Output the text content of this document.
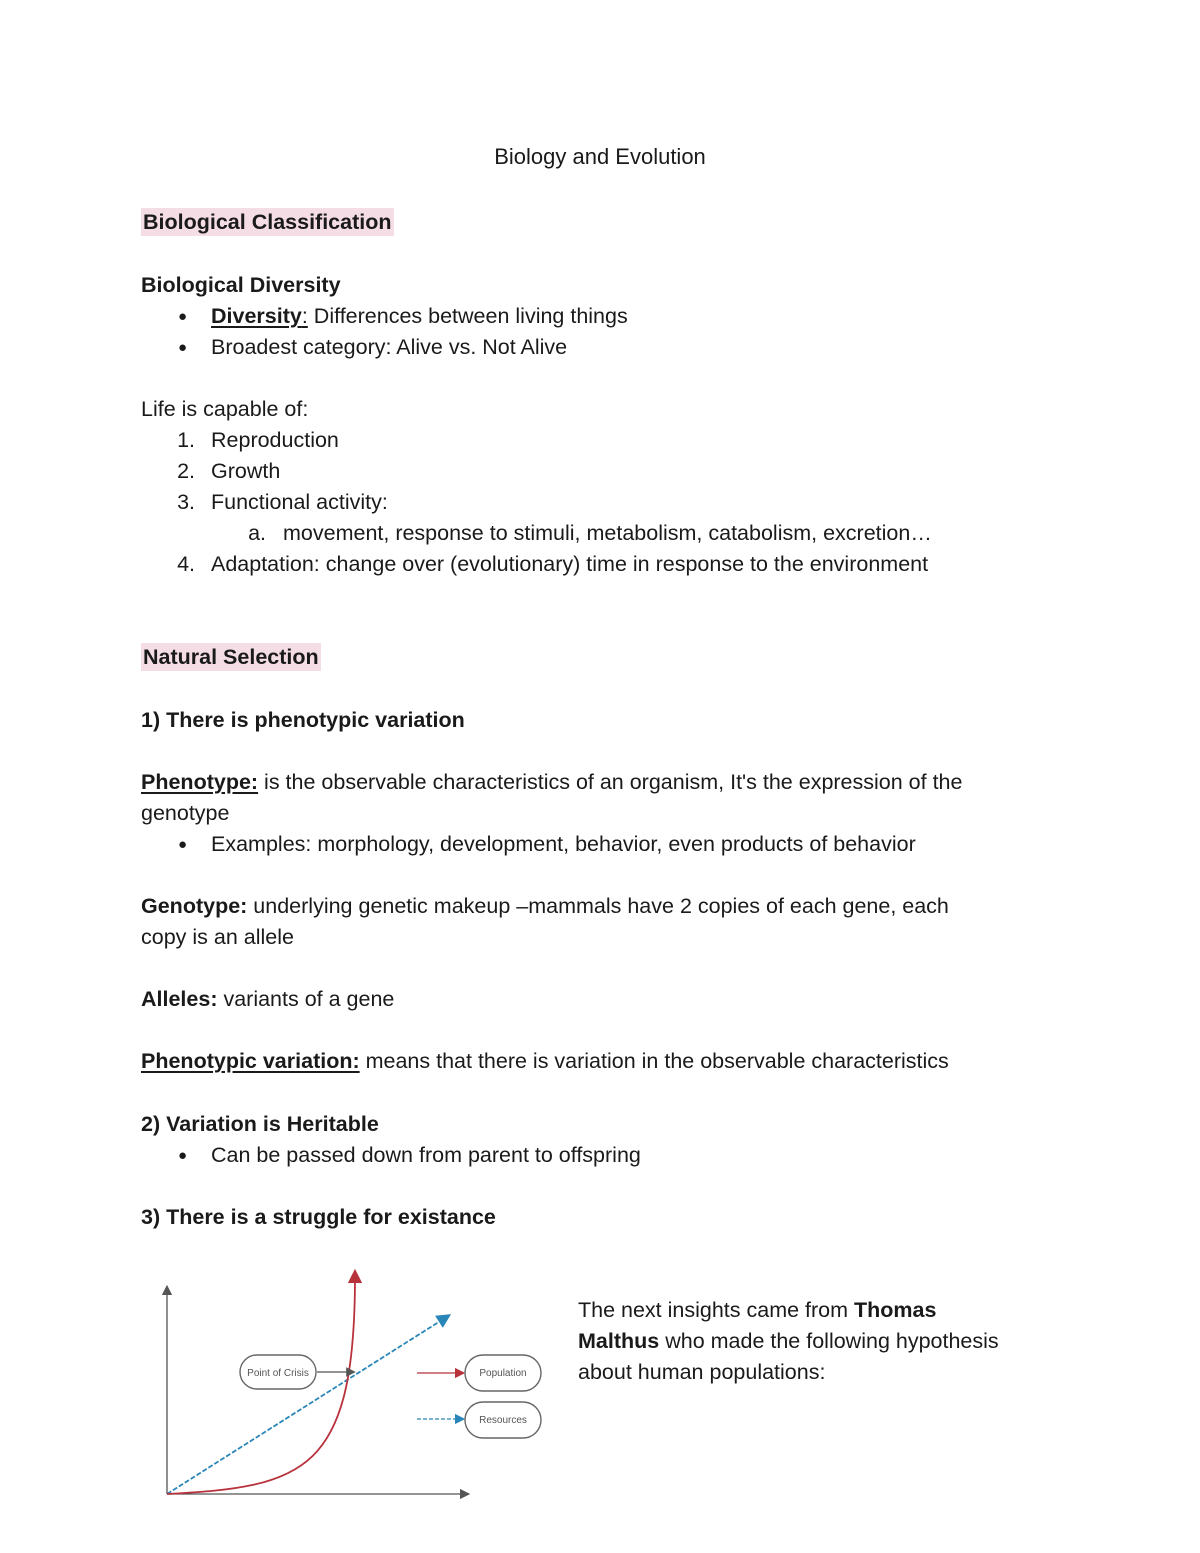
Biology and Evolution
Biological Classification
Biological Diversity
● Diversity: Differences between living things
● Broadest category: Alive vs. Not Alive
Life is capable of:
1. Reproduction
2. Growth
3. Functional activity:
a. movement, response to stimuli, metabolism, catabolism, excretion…
4. Adaptation: change over (evolutionary) time in response to the environment
Natural Selection
1) There is phenotypic variation
Phenotype: is the observable characteristics of an organism, It's the expression of the
genotype
● Examples: morphology, development, behavior, even products of behavior
Genotype: underlying genetic makeup –mammals have 2 copies of each gene, each
copy is an allele
Alleles: variants of a gene
Phenotypic variation: means that there is variation in the observable characteristics
2) Variation is Heritable
● Can be passed down from parent to offspring
3) There is a struggle for existance
Point of Crisis	Population
Resources
The next insights came from Thomas
Malthus who made the following hypothesis
about human populations:
